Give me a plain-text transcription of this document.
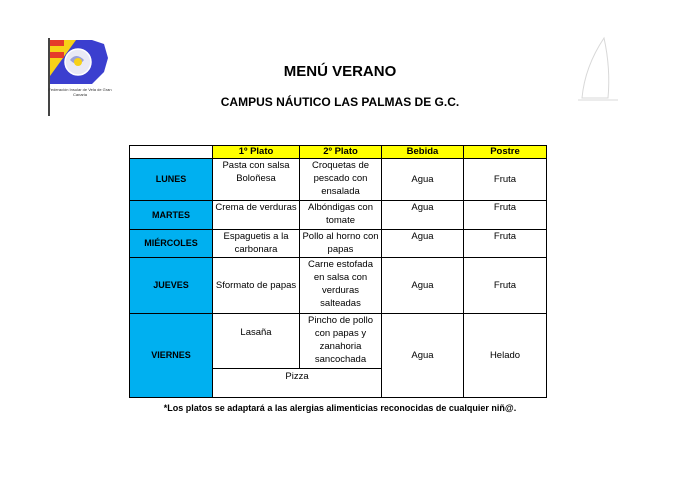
Federación Insular de Vela de Gran Canaria
MENÚ VERANO
CAMPUS NÁUTICO LAS PALMAS DE G.C.
	1º Plato	2º Plato	Bebida	Postre
LUNES	Pasta con salsa Boloñesa	Croquetas de pescado con ensalada	Agua	Fruta
MARTES	Crema de verduras	Albóndigas con tomate	Agua	Fruta
MIÉRCOLES	Espaguetis a la carbonara	Pollo al horno con papas	Agua	Fruta
JUEVES	Sformato de papas	Carne estofada en salsa con verduras salteadas	Agua	Fruta
VIERNES	Lasaña	Pincho de pollo con papas y zanahoria sancochada	Agua	Helado
	Pizza			
*Los platos se adaptará a las alergias alimenticias reconocidas de cualquier niñ@.
